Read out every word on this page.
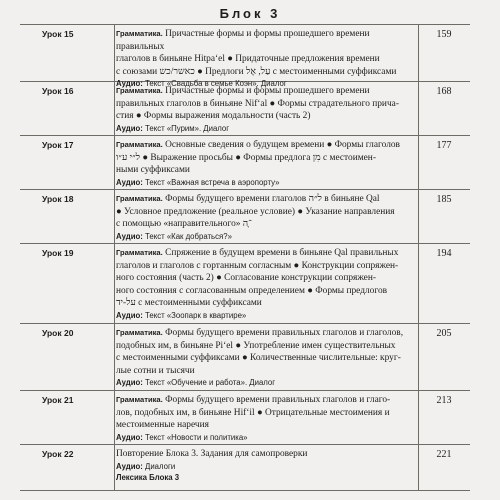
Блок 3
Урок 15	Грамматика. Причастные формы и формы прошедшего времени правильных
глаголов в биньяне Hitpa‘el ● Придаточные предложения времени
с союзами כאשר/כש ● Предлоги עַל, אֶל с местоименными суффиксами
Аудио: Текст «Свадьба в семье Коэн». Диалог
159
Урок 16	Грамматика. Причастные формы и формы прошедшего времени
правильных глаголов в биньяне Nif‘al ● Формы страдательного прича-
стия ● Формы выражения модальности (часть 2)
Аудио: Текст «Пурим». Диалог
168
Урок 17	Грамматика. Основные сведения о будущем времени ● Формы глаголов
ל״י ע״ו ● Выражение просьбы ● Формы предлога מִן с местоимен-
ными суффиксами
Аудио: Текст «Важная встреча в аэропорту»
177
Урок 18	Грамматика. Формы будущего времени глаголов ל״ה в биньяне Qal
● Условное предложение (реальное условие) ● Указание направления
с помощью «направительного» ־ָה
Аудио: Текст «Как добраться?»
185
Урок 19	Грамматика. Спряжение в будущем времени в биньяне Qal правильных
глаголов и глаголов с гортанным согласным ● Конструкции сопряжен-
ного состояния (часть 2) ● Согласование конструкции сопряжен-
ного состояния с согласованным определением ● Формы предлогов
על-יד с местоименными суффиксами
Аудио: Текст «Зоопарк в квартире»
194
Урок 20	Грамматика. Формы будущего времени правильных глаголов и глаголов,
подобных им, в биньяне Pi‘el ● Употребление имен существительных
с местоименными суффиксами ● Количественные числительные: круг-
лые сотни и тысячи
Аудио: Текст «Обучение и работа». Диалог
205
Урок 21	Грамматика. Формы будущего времени правильных глаголов и глаго-
лов, подобных им, в биньяне Hif‘il ● Отрицательные местоимения и
местоименные наречия
Аудио: Текст «Новости и политика»
213
Урок 22	Повторение Блока 3. Задания для самопроверки
Аудио: Диалоги
Лексика Блока 3
221
